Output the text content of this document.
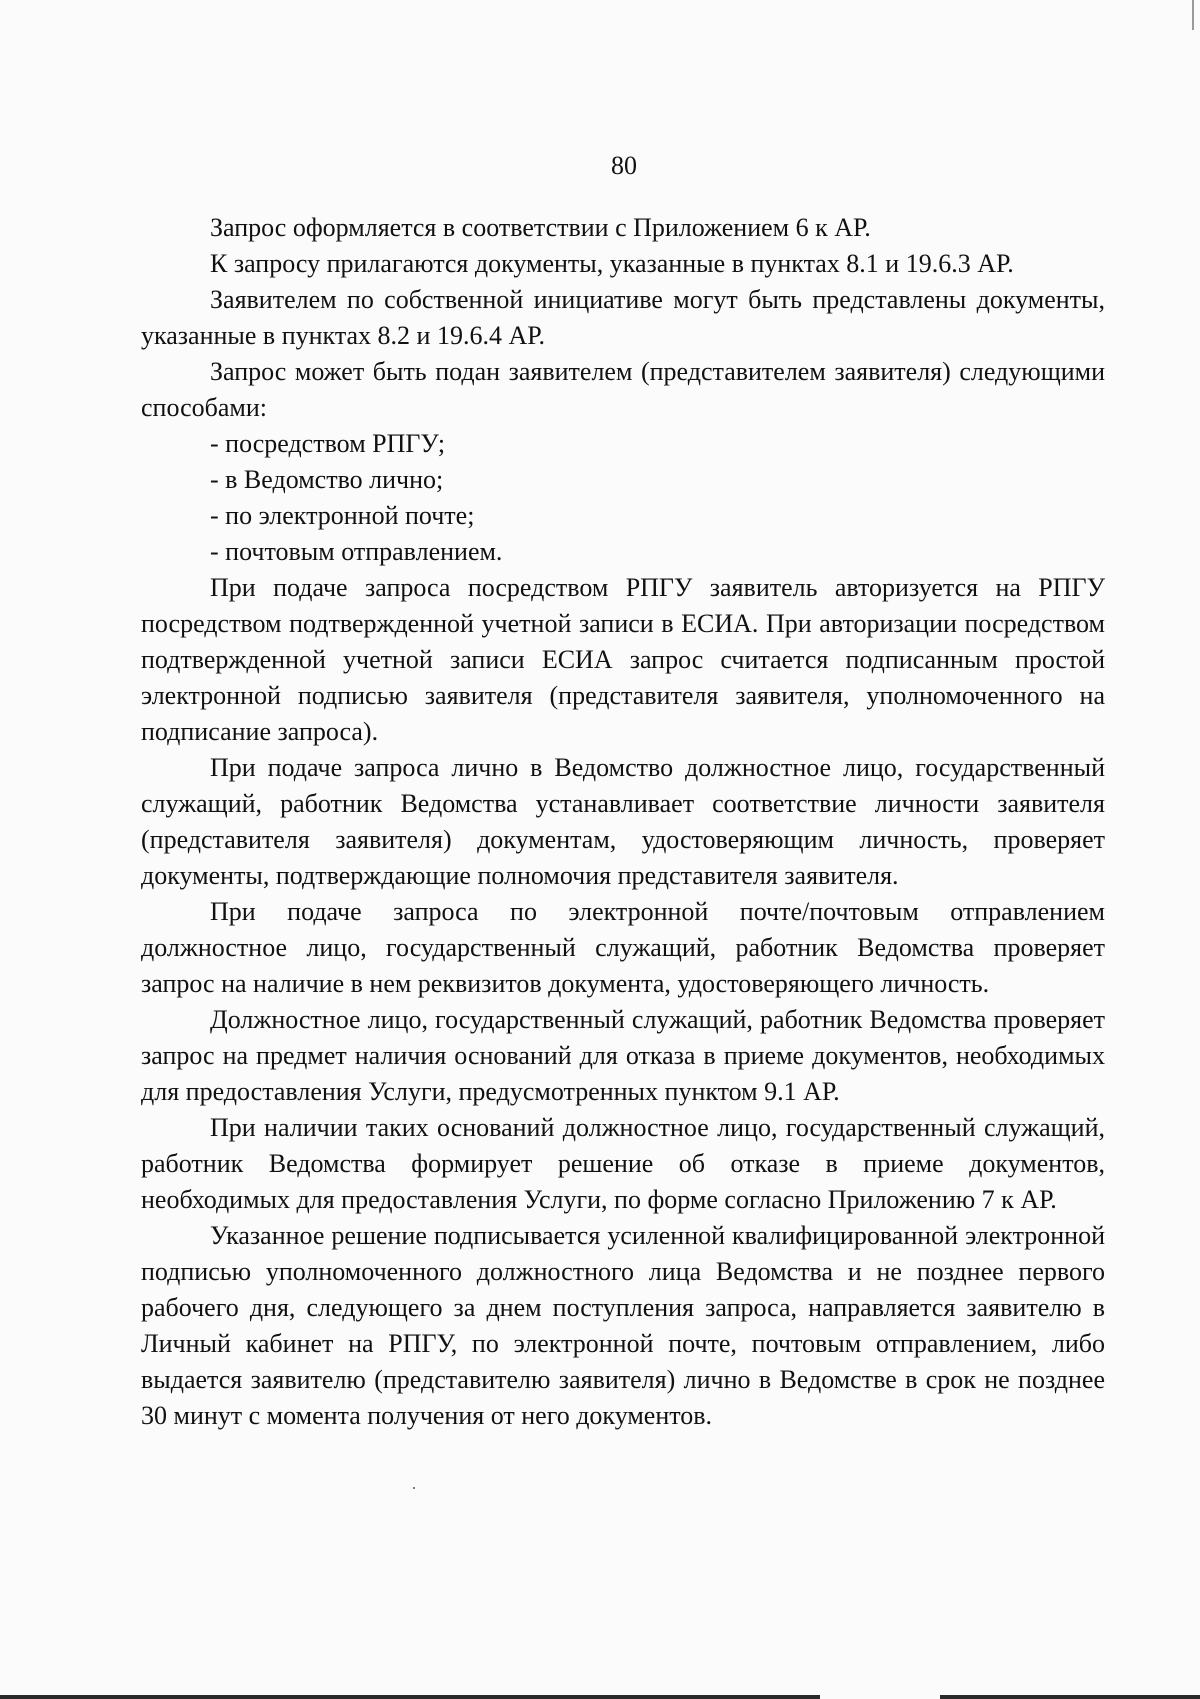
80

Запрос оформляется в соответствии с Приложением 6 к АР.

К запросу прилагаются документы, указанные в пунктах 8.1 и 19.6.3 АР.

Заявителем по собственной инициативе могут быть представлены документы, указанные в пунктах 8.2 и 19.6.4 АР.

Запрос может быть подан заявителем (представителем заявителя) следующими способами:

- посредством РПГУ;

- в Ведомство лично;

- по электронной почте;

- почтовым отправлением.

При подаче запроса посредством РПГУ заявитель авторизуется на РПГУ посредством подтвержденной учетной записи в ЕСИА. При авторизации посредством подтвержденной учетной записи ЕСИА запрос считается подписанным простой электронной подписью заявителя (представителя заявителя, уполномоченного на подписание запроса).

При подаче запроса лично в Ведомство должностное лицо, государственный служащий, работник Ведомства устанавливает соответствие личности заявителя (представителя заявителя) документам, удостоверяющим личность, проверяет документы, подтверждающие полномочия представителя заявителя.

При подаче запроса по электронной почте/почтовым отправлением должностное лицо, государственный служащий, работник Ведомства проверяет запрос на наличие в нем реквизитов документа, удостоверяющего личность.

Должностное лицо, государственный служащий, работник Ведомства проверяет запрос на предмет наличия оснований для отказа в приеме документов, необходимых для предоставления Услуги, предусмотренных пунктом 9.1 АР.

При наличии таких оснований должностное лицо, государственный служащий, работник Ведомства формирует решение об отказе в приеме документов, необходимых для предоставления Услуги, по форме согласно Приложению 7 к АР.

Указанное решение подписывается усиленной квалифицированной электронной подписью уполномоченного должностного лица Ведомства и не позднее первого рабочего дня, следующего за днем поступления запроса, направляется заявителю в Личный кабинет на РПГУ, по электронной почте, почтовым отправлением, либо выдается заявителю (представителю заявителя) лично в Ведомстве в срок не позднее 30 минут с момента получения от него документов.
